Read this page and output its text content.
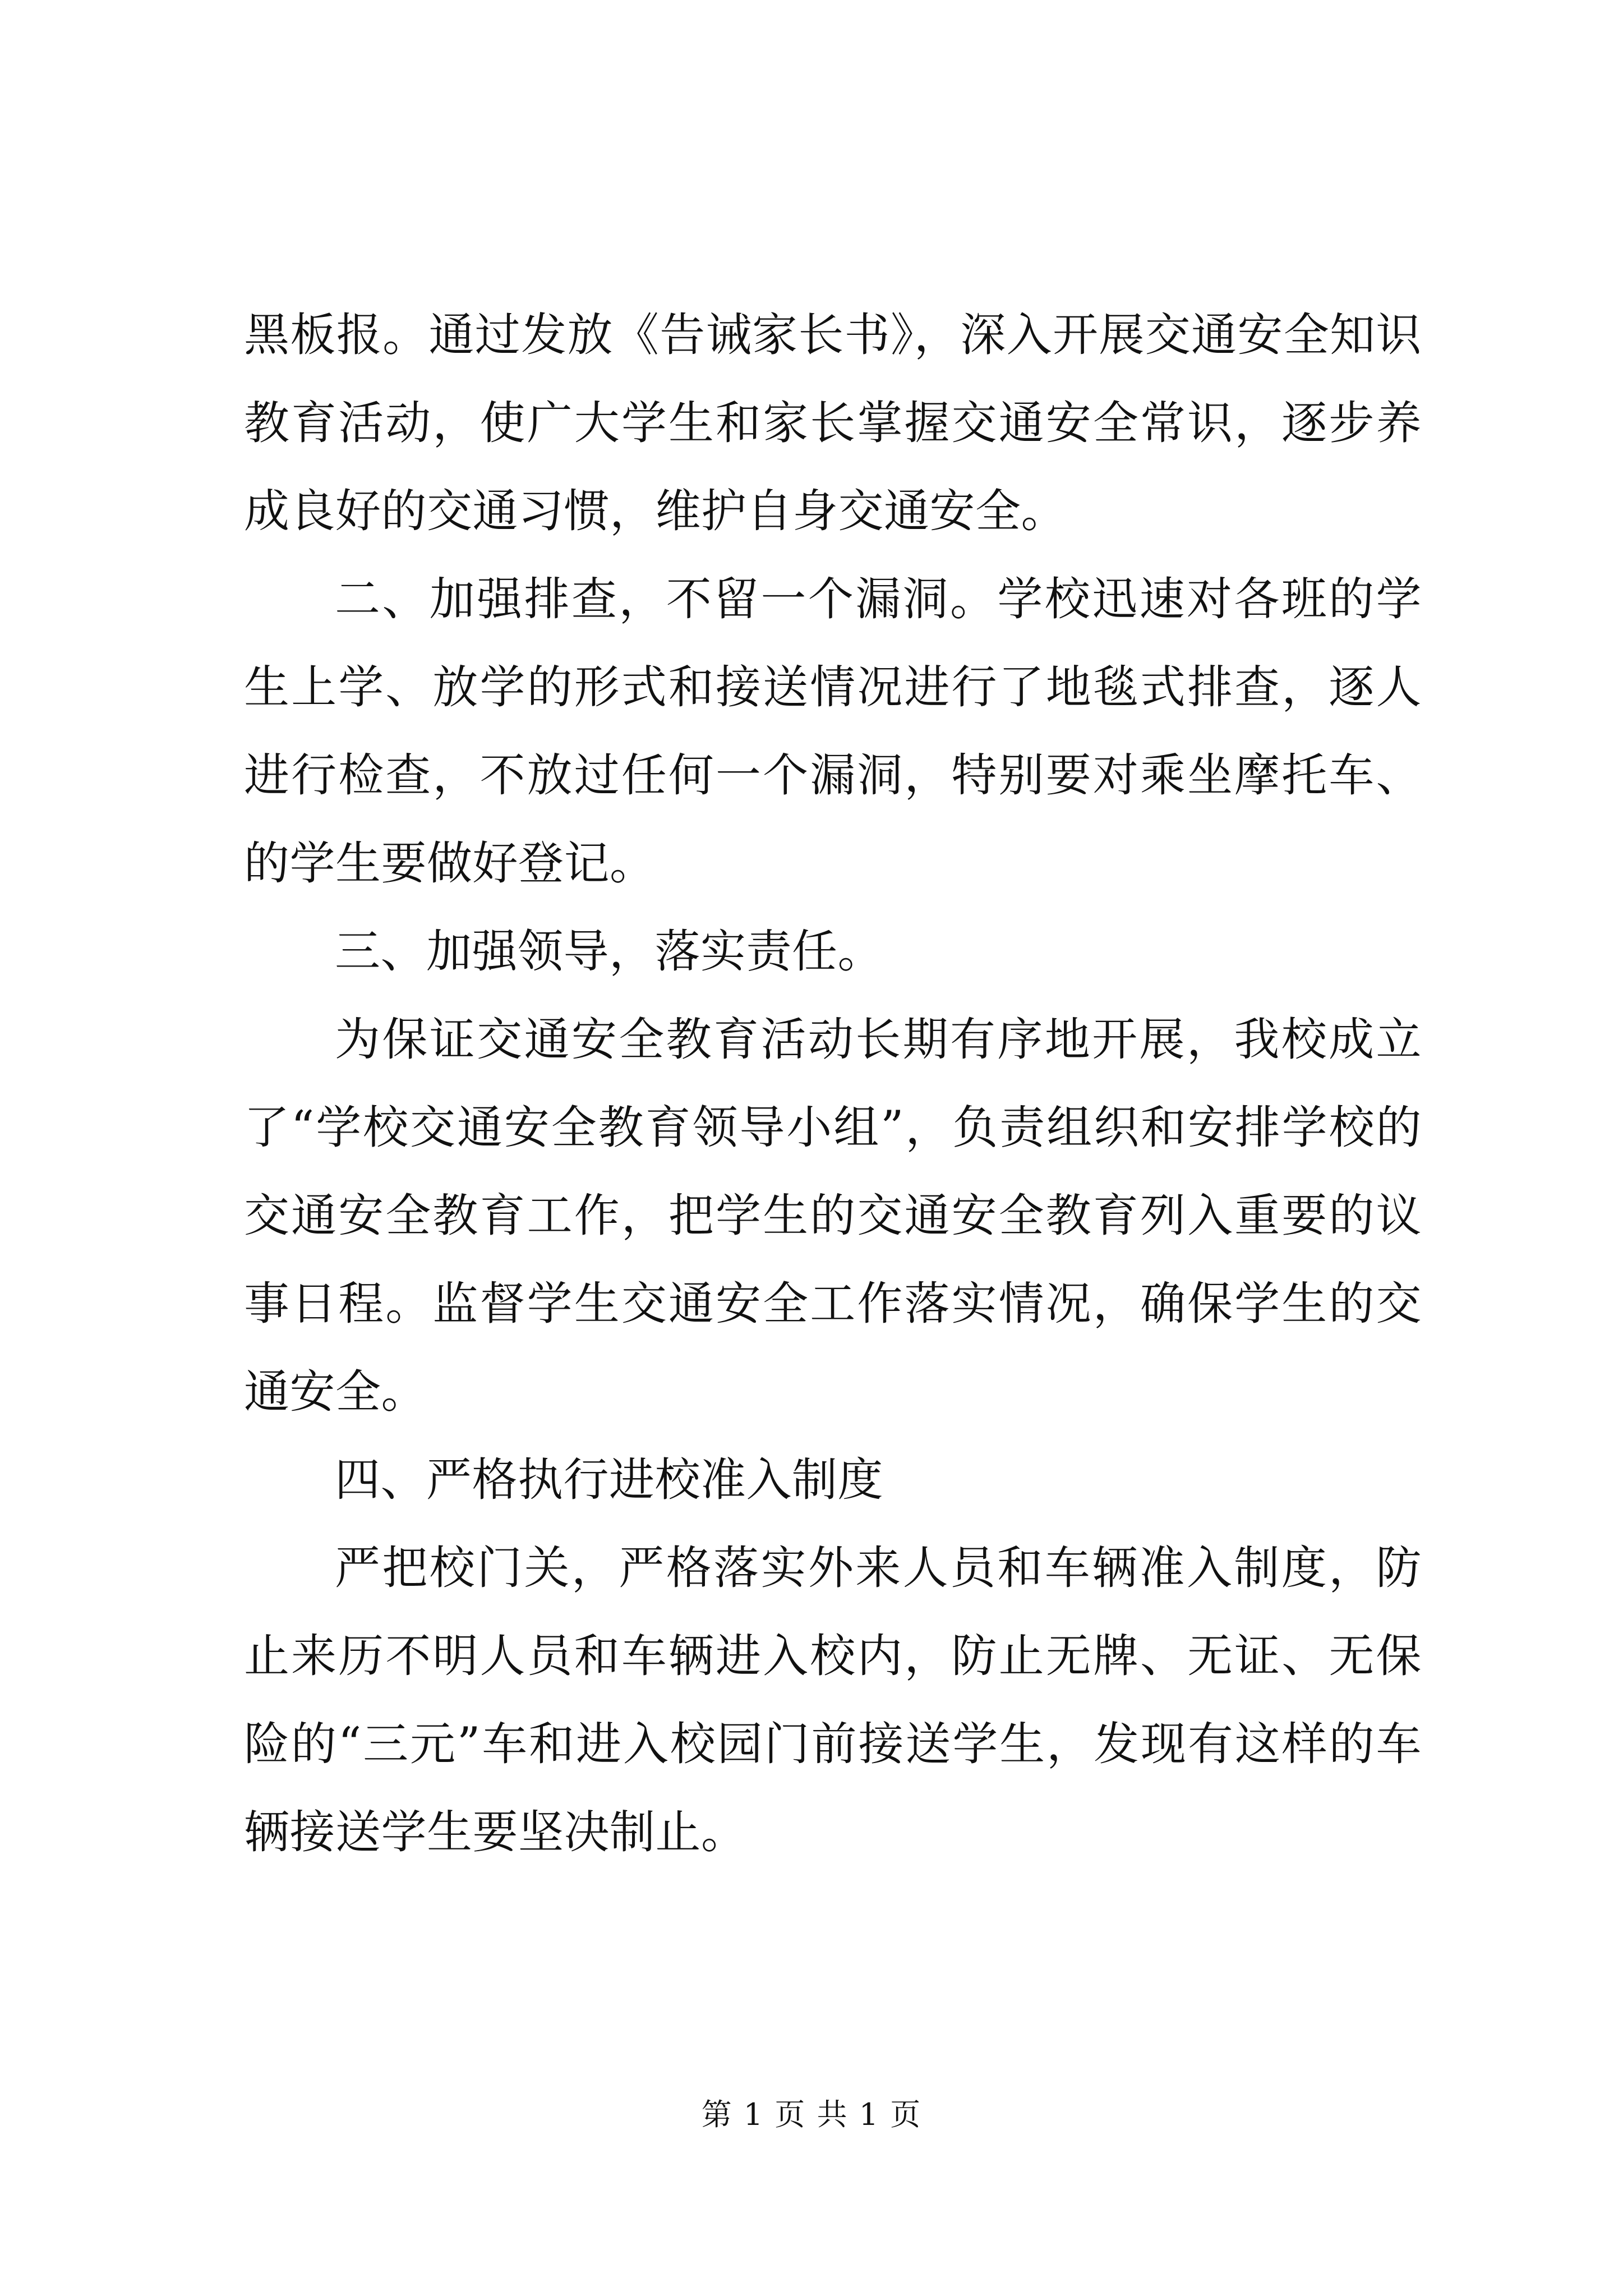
黑板报。通过发放《告诫家长书》，深入开展交通安全知识教育活动，使广大学生和家长掌握交通安全常识，逐步养成良好的交通习惯，维护自身交通安全。

二、加强排查，不留一个漏洞。学校迅速对各班的学生上学、放学的形式和接送情况进行了地毯式排查，逐人进行检查，不放过任何一个漏洞，特别要对乘坐摩托车、的学生要做好登记。

三、加强领导，落实责任。

为保证交通安全教育活动长期有序地开展，我校成立了“学校交通安全教育领导小组”，负责组织和安排学校的交通安全教育工作，把学生的交通安全教育列入重要的议事日程。监督学生交通安全工作落实情况，确保学生的交通安全。

四、严格执行进校准入制度

严把校门关，严格落实外来人员和车辆准入制度，防止来历不明人员和车辆进入校内，防止无牌、无证、无保险的“三元”车和进入校园门前接送学生，发现有这样的车辆接送学生要坚决制止。

第 1 页 共 1 页
